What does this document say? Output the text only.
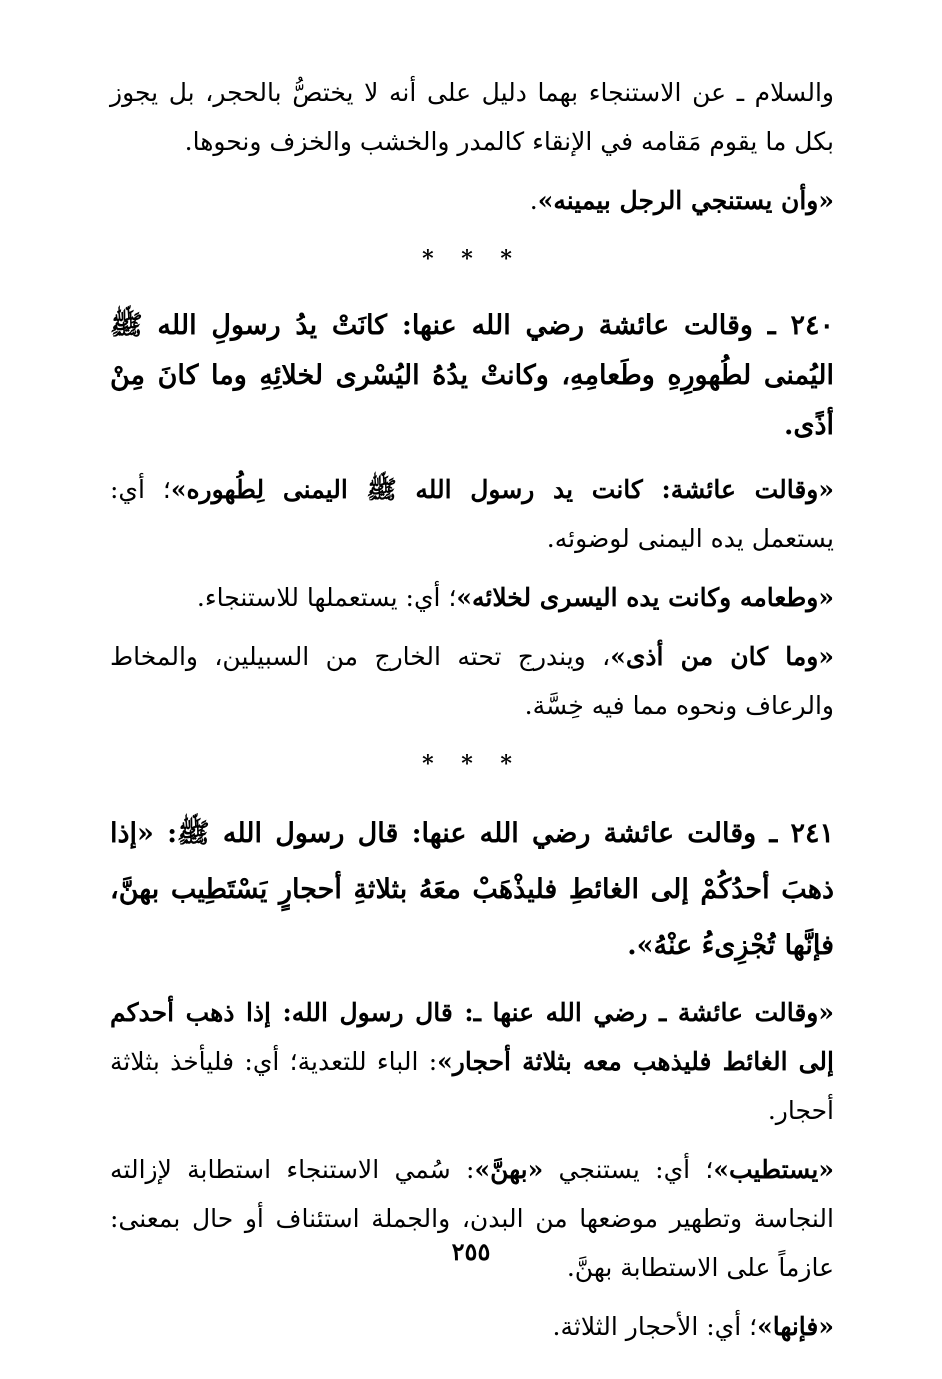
والسلام ـ عن الاستنجاء بهما دليل على أنه لا يختصُّ بالحجر، بل يجوز بكل ما يقوم مَقامه في الإنقاء كالمدر والخشب والخزف ونحوها.

«وأن يستنجي الرجل بيمينه».

* * *

٢٤٠ ـ وقالت عائشة رضي الله عنها: كانَتْ يدُ رسولِ الله ﷺ اليُمنى لطُهورِهِ وطَعامِهِ، وكانتْ يدُهُ اليُسْرى لخلائِهِ وما كانَ مِنْ أذًى.

«وقالت عائشة: كانت يد رسول الله ﷺ اليمنى لِطُهوره»؛ أي: يستعمل يده اليمنى لوضوئه.

«وطعامه وكانت يده اليسرى لخلائه»؛ أي: يستعملها للاستنجاء.

«وما كان من أذى»، ويندرج تحته الخارج من السبيلين، والمخاط والرعاف ونحوه مما فيه خِسَّة.

* * *

٢٤١ ـ وقالت عائشة رضي الله عنها: قال رسول الله ﷺ: «إذا ذهبَ أحدُكُمْ إلى الغائطِ فليذْهَبْ معَهُ بثلاثةِ أحجارٍ يَسْتَطِيب بهنَّ، فإنَّها تُجْزِىءُ عنْهُ».

«وقالت عائشة ـ رضي الله عنها ـ: قال رسول الله: إذا ذهب أحدكم إلى الغائط فليذهب معه بثلاثة أحجار»: الباء للتعدية؛ أي: فليأخذ بثلاثة أحجار.

«يستطيب»؛ أي: يستنجي «بهنَّ»: سُمي الاستنجاء استطابة لإزالته النجاسة وتطهير موضعها من البدن، والجملة استئناف أو حال بمعنى: عازماً على الاستطابة بهنَّ.

«فإنها»؛ أي: الأحجار الثلاثة.

٢٥٥
